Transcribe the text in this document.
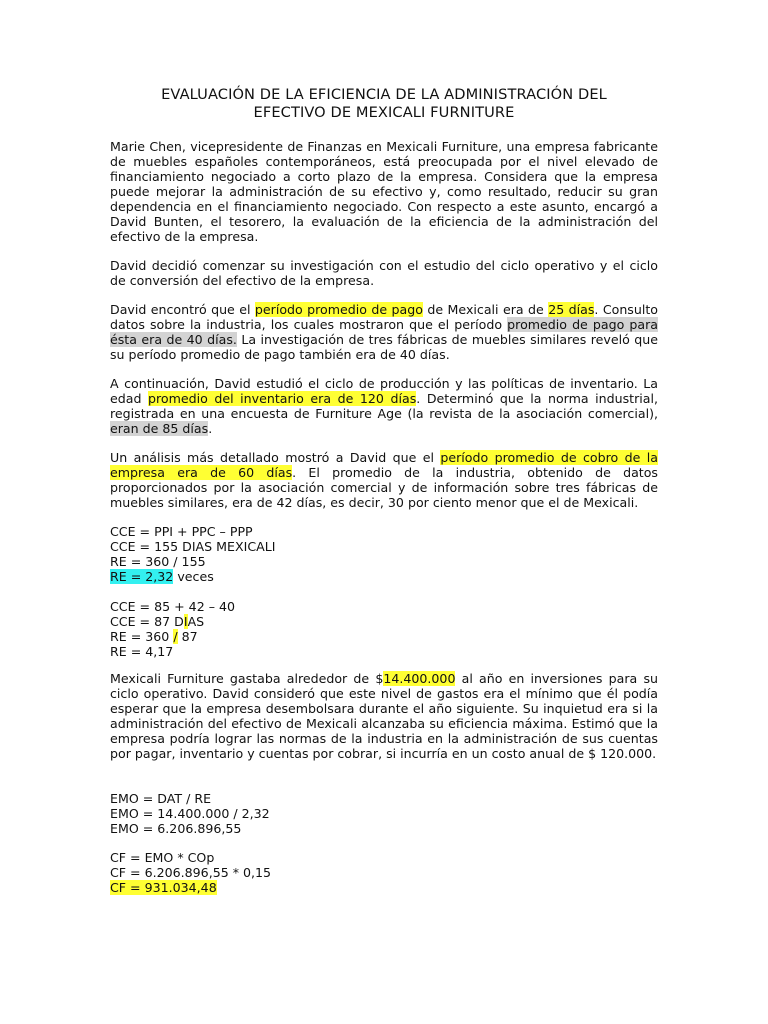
EVALUACIÓN DE LA EFICIENCIA DE LA ADMINISTRACIÓN DEL
EFECTIVO DE MEXICALI FURNITURE
Marie Chen, vicepresidente de Finanzas en Mexicali Furniture, una empresa fabricante de muebles españoles contemporáneos, está preocupada por el nivel elevado de financiamiento negociado a corto plazo de la empresa. Considera que la empresa puede mejorar la administración de su efectivo y, como resultado, reducir su gran dependencia en el financiamiento negociado. Con respecto a este asunto, encargó a David Bunten, el tesorero, la evaluación de la eficiencia de la administración del efectivo de la empresa.
David decidió comenzar su investigación con el estudio del ciclo operativo y el ciclo de conversión del efectivo de la empresa.
David encontró que el período promedio de pago de Mexicali era de 25 días. Consulto datos sobre la industria, los cuales mostraron que el período promedio de pago para ésta era de 40 días. La investigación de tres fábricas de muebles similares reveló que su período promedio de pago también era de 40 días.
A continuación, David estudió el ciclo de producción y las políticas de inventario. La edad promedio del inventario era de 120 días. Determinó que la norma industrial, registrada en una encuesta de Furniture Age (la revista de la asociación comercial), eran de 85 días.
Un análisis más detallado mostró a David que el período promedio de cobro de la empresa era de 60 días. El promedio de la industria, obtenido de datos proporcionados por la asociación comercial y de información sobre tres fábricas de muebles similares, era de 42 días, es decir, 30 por ciento menor que el de Mexicali.
CCE = PPI + PPC – PPP
CCE = 155 DIAS MEXICALI
RE = 360 / 155
RE = 2,32 veces
CCE = 85 + 42 – 40
CCE = 87 DIAS
RE = 360 / 87
RE = 4,17
Mexicali Furniture gastaba alrededor de $14.400.000 al año en inversiones para su ciclo operativo. David consideró que este nivel de gastos era el mínimo que él podía esperar que la empresa desembolsara durante el año siguiente. Su inquietud era si la administración del efectivo de Mexicali alcanzaba su eficiencia máxima. Estimó que la empresa podría lograr las normas de la industria en la administración de sus cuentas por pagar, inventario y cuentas por cobrar, si incurría en un costo anual de $ 120.000.
EMO = DAT / RE
EMO = 14.400.000 / 2,32
EMO = 6.206.896,55
CF = EMO * COp
CF = 6.206.896,55 * 0,15
CF = 931.034,48
